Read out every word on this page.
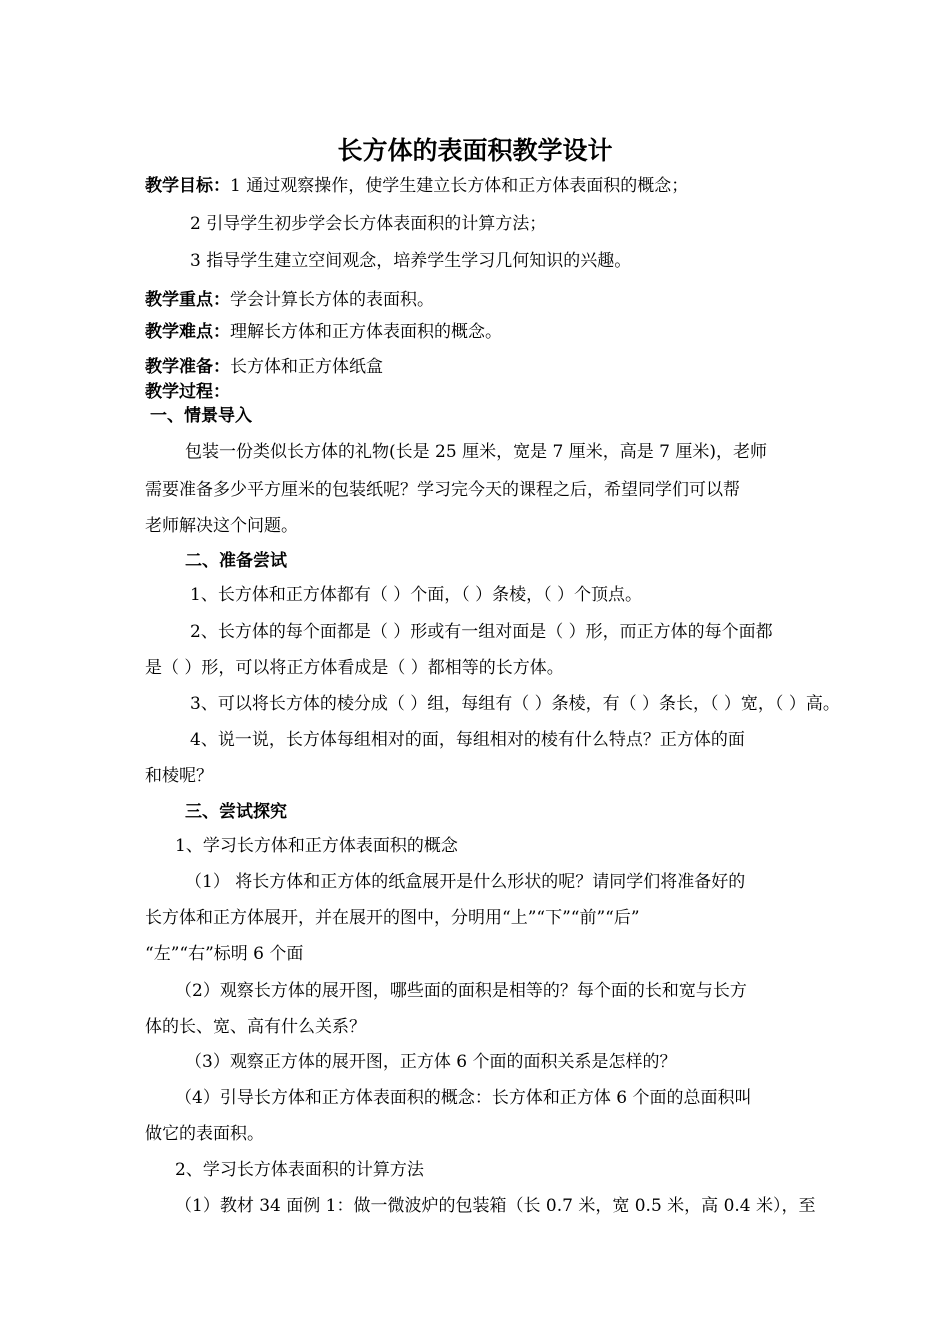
长方体的表面积教学设计
教学目标：1 通过观察操作，使学生建立长方体和正方体表面积的概念；
2 引导学生初步学会长方体表面积的计算方法；
3 指导学生建立空间观念，培养学生学习几何知识的兴趣。
教学重点：学会计算长方体的表面积。
教学难点：理解长方体和正方体表面积的概念。
教学准备：长方体和正方体纸盒
教学过程：
一、情景导入
包装一份类似长方体的礼物(长是 25 厘米，宽是 7 厘米，高是 7 厘米)，老师
需要准备多少平方厘米的包装纸呢？学习完今天的课程之后，希望同学们可以帮
老师解决这个问题。
二、准备尝试
1、长方体和正方体都有（ ）个面，（ ）条棱，（ ）个顶点。
2、长方体的每个面都是（ ）形或有一组对面是（ ）形，而正方体的每个面都
是（ ）形，可以将正方体看成是（ ）都相等的长方体。
3、可以将长方体的棱分成（ ）组，每组有（ ）条棱，有（ ）条长，（ ）宽，（ ）高。
4、说一说，长方体每组相对的面，每组相对的棱有什么特点？正方体的面
和棱呢？
三、尝试探究
1、学习长方体和正方体表面积的概念
（1） 将长方体和正方体的纸盒展开是什么形状的呢？请同学们将准备好的
长方体和正方体展开，并在展开的图中，分明用“上”“下”“前”“后”
“左”“右”标明 6 个面
（2）观察长方体的展开图，哪些面的面积是相等的？每个面的长和宽与长方
体的长、宽、高有什么关系？
（3）观察正方体的展开图，正方体 6 个面的面积关系是怎样的？
（4）引导长方体和正方体表面积的概念：长方体和正方体 6 个面的总面积叫
做它的表面积。
2、学习长方体表面积的计算方法
（1）教材 34 面例 1：做一微波炉的包装箱（长 0.7 米，宽 0.5 米，高 0.4 米），至
